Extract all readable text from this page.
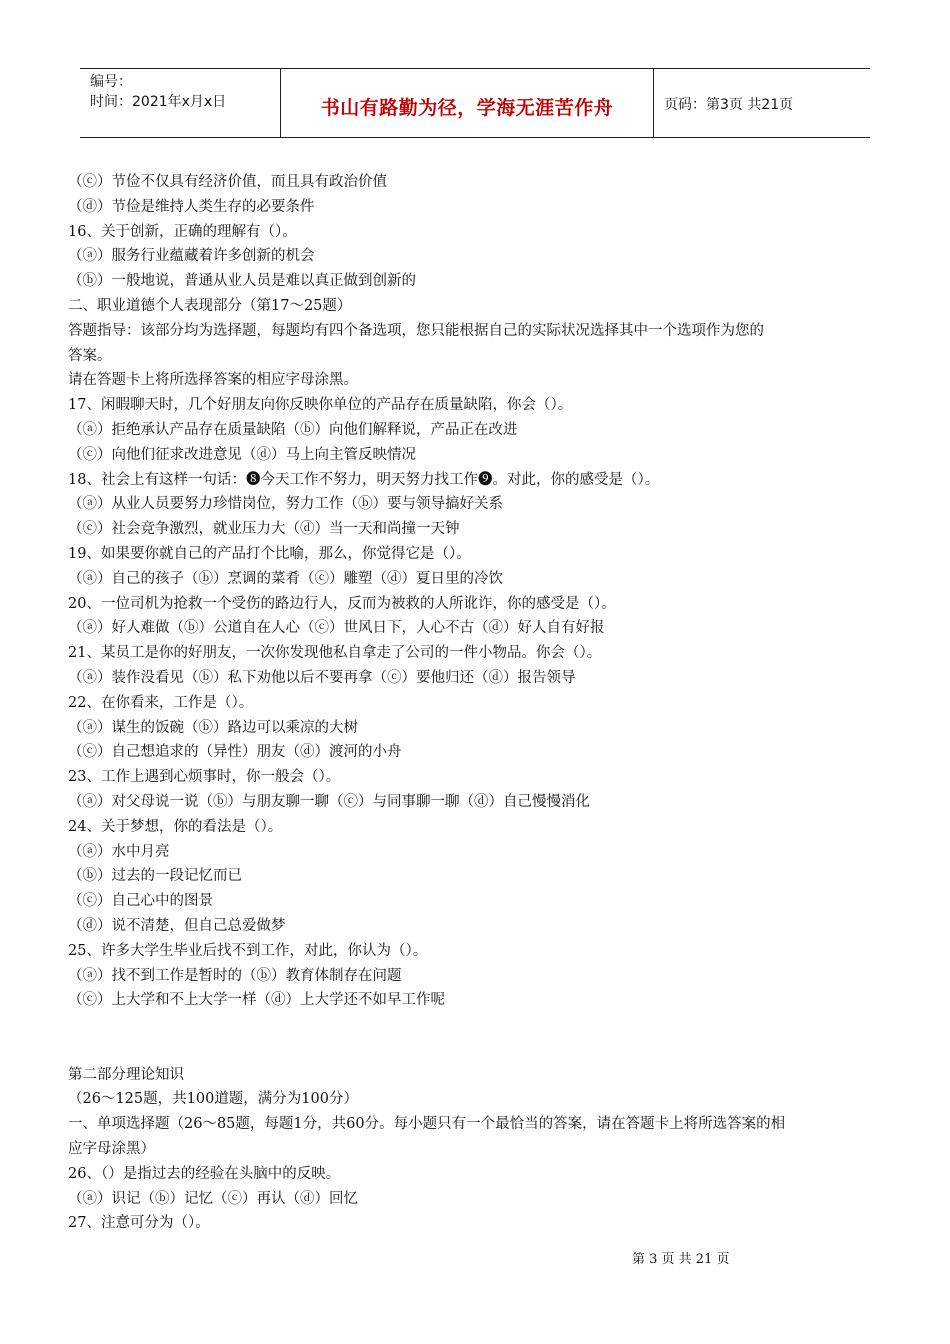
编号：
时间：2021年x月x日	书山有路勤为径，学海无涯苦作舟	页码：第3页 共21页
（ⓒ）节俭不仅具有经济价值，而且具有政治价值
（ⓓ）节俭是维持人类生存的必要条件
16、关于创新，正确的理解有（）。
（ⓐ）服务行业蕴藏着许多创新的机会
（ⓑ）一般地说，普通从业人员是难以真正做到创新的
二、职业道德个人表现部分（第17～25题）
答题指导：该部分均为选择题，每题均有四个备选项，您只能根据自己的实际状况选择其中一个选项作为您的
答案。
请在答题卡上将所选择答案的相应字母涂黑。
17、闲暇聊天时，几个好朋友向你反映你单位的产品存在质量缺陷，你会（）。
（ⓐ）拒绝承认产品存在质量缺陷（ⓑ）向他们解释说，产品正在改进
（ⓒ）向他们征求改进意见（ⓓ）马上向主管反映情况
18、社会上有这样一句话：❽今天工作不努力，明天努力找工作❾。对此，你的感受是（）。
（ⓐ）从业人员要努力珍惜岗位，努力工作（ⓑ）要与领导搞好关系
（ⓒ）社会竞争激烈，就业压力大（ⓓ）当一天和尚撞一天钟
19、如果要你就自己的产品打个比喻，那么，你觉得它是（）。
（ⓐ）自己的孩子（ⓑ）烹调的菜肴（ⓒ）雕塑（ⓓ）夏日里的冷饮
20、一位司机为抢救一个受伤的路边行人，反而为被救的人所讹诈，你的感受是（）。
（ⓐ）好人难做（ⓑ）公道自在人心（ⓒ）世风日下，人心不古（ⓓ）好人自有好报
21、某员工是你的好朋友，一次你发现他私自拿走了公司的一件小物品。你会（）。
（ⓐ）装作没看见（ⓑ）私下劝他以后不要再拿（ⓒ）要他归还（ⓓ）报告领导
22、在你看来，工作是（）。
（ⓐ）谋生的饭碗（ⓑ）路边可以乘凉的大树
（ⓒ）自己想追求的（异性）朋友（ⓓ）渡河的小舟
23、工作上遇到心烦事时，你一般会（）。
（ⓐ）对父母说一说（ⓑ）与朋友聊一聊（ⓒ）与同事聊一聊（ⓓ）自己慢慢消化
24、关于梦想，你的看法是（）。
（ⓐ）水中月亮
（ⓑ）过去的一段记忆而已
（ⓒ）自己心中的图景
（ⓓ）说不清楚，但自己总爱做梦
25、许多大学生毕业后找不到工作，对此，你认为（）。
（ⓐ）找不到工作是暂时的（ⓑ）教育体制存在问题
（ⓒ）上大学和不上大学一样（ⓓ）上大学还不如早工作呢
第二部分理论知识
（26～125题，共100道题，满分为100分）
一、单项选择题（26～85题，每题1分，共60分。每小题只有一个最恰当的答案，请在答题卡上将所选答案的相
应字母涂黑）
26、（）是指过去的经验在头脑中的反映。
（ⓐ）识记（ⓑ）记忆（ⓒ）再认（ⓓ）回忆
27、注意可分为（）。
第 3 页 共 21 页
